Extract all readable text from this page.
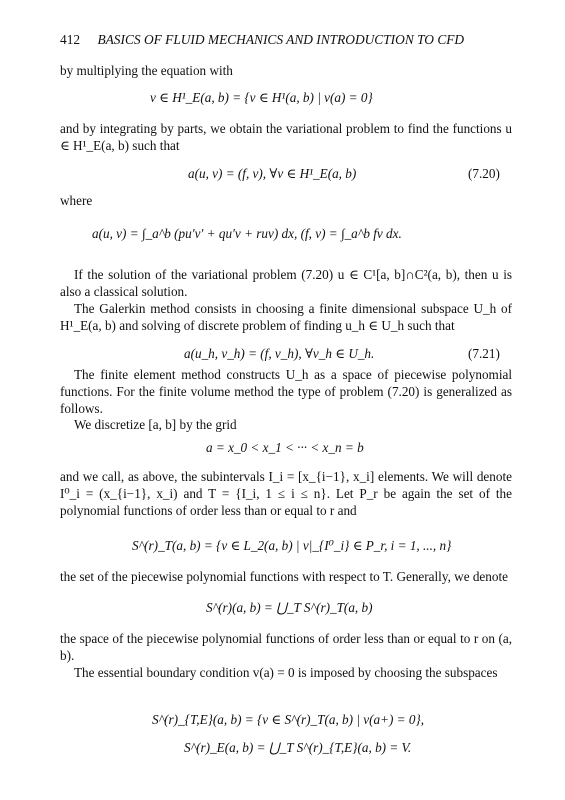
412 BASICS OF FLUID MECHANICS AND INTRODUCTION TO CFD
by multiplying the equation with
v ∈ H¹_E(a, b) = {v ∈ H¹(a, b) | v(a) = 0}
and by integrating by parts, we obtain the variational problem to find the functions u ∈ H¹_E(a, b) such that
a(u, v) = (f, v), ∀v ∈ H¹_E(a, b)	(7.20)
where
a(u, v) = ∫_a^b (pu′v′ + qu′v + ruv) dx, (f, v) = ∫_a^b fv dx.
If the solution of the variational problem (7.20) u ∈ C¹[a, b]∩C²(a, b), then u is also a classical solution.
The Galerkin method consists in choosing a finite dimensional subspace U_h of H¹_E(a, b) and solving of discrete problem of finding u_h ∈ U_h such that
a(u_h, v_h) = (f, v_h), ∀v_h ∈ U_h.	(7.21)
The finite element method constructs U_h as a space of piecewise polynomial functions. For the finite volume method the type of problem (7.20) is generalized as follows.
We discretize [a, b] by the grid
a = x_0 < x_1 < ··· < x_n = b
and we call, as above, the subintervals I_i = [x_{i−1}, x_i] elements. We will denote I⁰_i = (x_{i−1}, x_i) and T = {I_i, 1 ≤ i ≤ n}. Let P_r be again the set of the polynomial functions of order less than or equal to r and
S^(r)_T(a, b) = {v ∈ L_2(a, b) | v|_{I⁰_i} ∈ P_r, i = 1, ..., n}
the set of the piecewise polynomial functions with respect to T. Generally, we denote
S^(r)(a, b) = ⋃_T S^(r)_T(a, b)
the space of the piecewise polynomial functions of order less than or equal to r on (a, b).
The essential boundary condition v(a) = 0 is imposed by choosing the subspaces
S^(r)_{T,E}(a, b) = {v ∈ S^(r)_T(a, b) | v(a+) = 0},
S^(r)_E(a, b) = ⋃_T S^(r)_{T,E}(a, b) = V.
